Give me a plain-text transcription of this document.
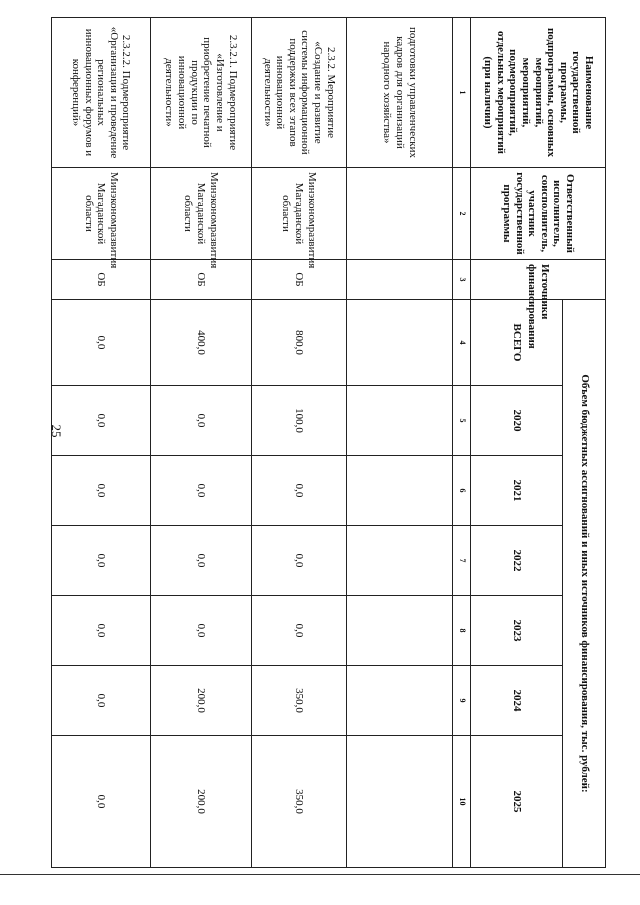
25
Наименование государственной программы, подпрограммы, основных мероприятий, мероприятий, подмероприятий, отдельных мероприятий (при наличии)	Ответственный исполнитель, соисполнитель, участник государственной программы	Источники финансирования	Объем бюджетных ассигнований и иных источников финансирования, тыс. рублей:						
			ВСЕГО	2020	2021	2022	2023	2024	2025
1	2	3	4	5	6	7	8	9	10
подготовки управленческих кадров для организаций народного хозяйства»									
2.3.2. Мероприятие «Создание и развитие системы информационной поддержки всех этапов инновационной деятельности»	Минэкономразвития Магаданской области	ОБ	800,0	100,0	0,0	0,0	0,0	350,0	350,0
2.3.2.1. Подмероприятие «Изготовление и приобретение печатной продукции по инновационной деятельности»	Минэкономразвития Магаданской области	ОБ	400,0	0,0	0,0	0,0	0,0	200,0	200,0
2.3.2.2. Подмероприятие «Организация и проведение региональных инновационных форумов и конференций»	Минэкономразвития Магаданской области	ОБ	0,0	0,0	0,0	0,0	0,0	0,0	0,0
